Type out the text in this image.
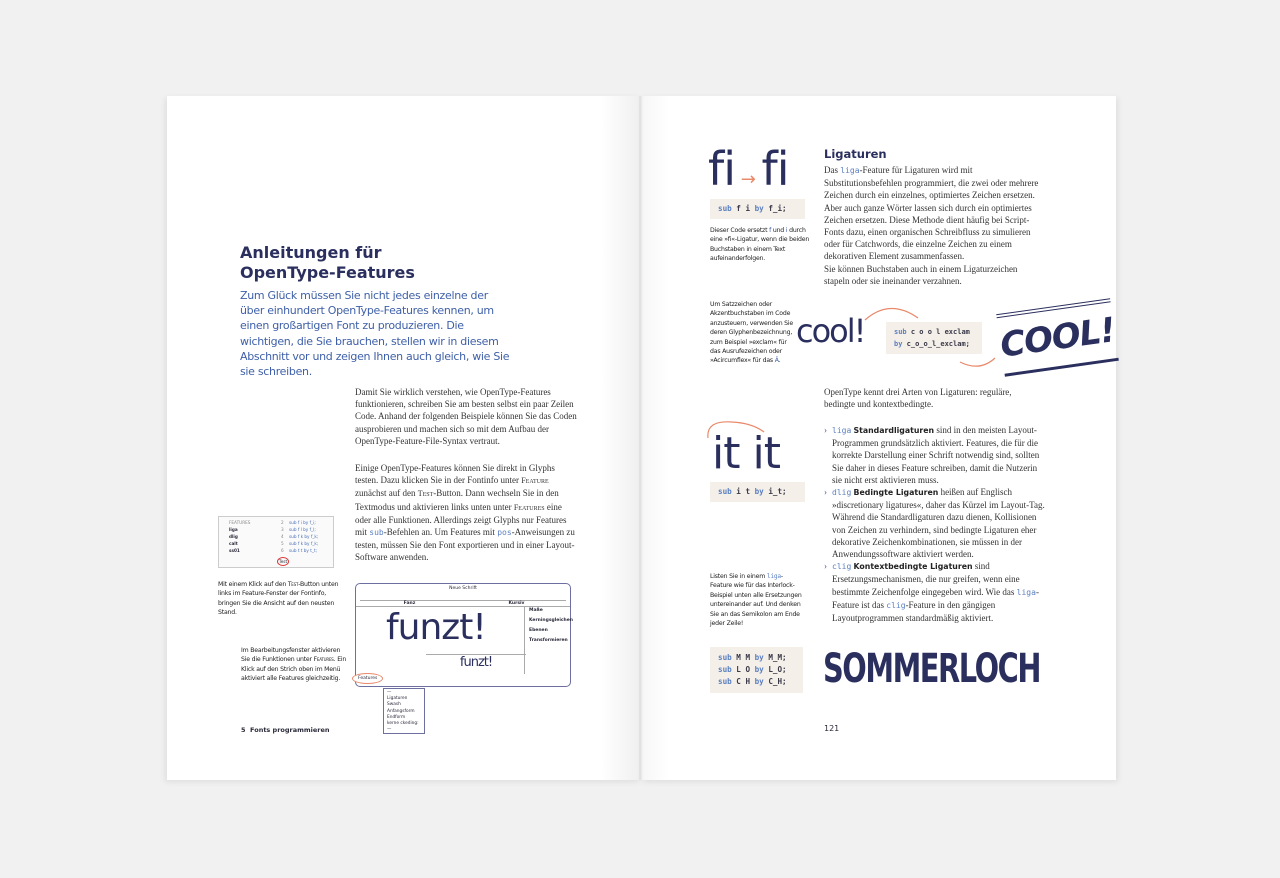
Anleitungen für
OpenType-Features
Zum Glück müssen Sie nicht jedes einzelne der über einhundert OpenType-Features kennen, um einen großartigen Font zu produzieren. Die wichtigen, die Sie brauchen, stellen wir in diesem Abschnitt vor und zeigen Ihnen auch gleich, wie Sie sie schreiben.
Damit Sie wirklich verstehen, wie OpenType-Features funktionieren, schreiben Sie am besten selbst ein paar Zeilen Code. Anhand der folgenden Beispiele können Sie das Coden ausprobieren und machen sich so mit dem Aufbau der OpenType-Feature-File-Syntax vertraut.
Einige OpenType-Features können Sie direkt in Glyphs testen. Dazu klicken Sie in der Fontinfo unter Feature zunächst auf den Test-Button. Dann wechseln Sie in den Textmodus und aktivieren links unten unter Features eine oder alle Funktionen. Allerdings zeigt Glyphs nur Features mit sub-Befehlen an. Um Features mit pos-Anweisungen zu testen, müssen Sie den Font exportieren und in einer Layout-Software anwenden.
FEATURES
liga
dlig
calt
ss01
2
3
4
5
6
sub f i by f_i;
sub f l by f_l;
sub f k by f_k;
sub f k by f_k;
sub t t by t_t;
Test
Mit einem Klick auf den Test-Button unten links im Feature-Fenster der Fontinfo, bringen Sie die Ansicht auf den neusten Stand.
Im Bearbeitungsfenster aktivieren Sie die Funktionen unter Features. Ein Klick auf den Strich oben im Menü aktiviert alle Features gleichzeitig.
Neue Schrift
Fanz	Kursiv
funzt!
funzt!
Maße
Kerningsgleichen
Ebenen
Transformieren
Features
—
Ligaturen
Swash
Anfangsform
Endform
kerne ckeding:
—
5  Fonts programmieren
fi → fi
sub f i by f_i;
Dieser Code ersetzt f und i durch eine »fi«-Ligatur, wenn die beiden Buchstaben in einem Text aufeinanderfolgen.
Ligaturen
Das liga-Feature für Ligaturen wird mit Substitutionsbefehlen programmiert, die zwei oder mehrere Zeichen durch ein einzelnes, optimiertes Zeichen ersetzen. Aber auch ganze Wörter lassen sich durch ein optimiertes Zeichen ersetzen. Diese Methode dient häufig bei Script-Fonts dazu, einen organischen Schreibfluss zu simulieren oder für Catchwords, die einzelne Zeichen zu einem dekorativen Element zusammenfassen.
Sie können Buchstaben auch in einem Ligaturzeichen stapeln oder sie ineinander verzahnen.
Um Satzzeichen oder Akzentbuchstaben im Code anzusteuern, verwenden Sie deren Glyphenbezeichnung, zum Beispiel »exclam« für das Ausrufezeichen oder »Acircumflex« für das Â.
cool!	sub c o o l exclam
by c_o_o_l_exclam; COOL!
OpenType kennt drei Arten von Ligaturen: reguläre, bedingte und kontextbedingte.
it it
sub i t by i_t;
› liga Standardligaturen sind in den meisten Layout-Programmen grundsätzlich aktiviert. Features, die für die korrekte Darstellung einer Schrift notwendig sind, sollten Sie daher in dieses Feature schreiben, damit die Nutzerin sie nicht erst aktivieren muss.
› dlig Bedingte Ligaturen heißen auf Englisch »discretionary ligatures«, daher das Kürzel im Layout-Tag. Während die Standardligaturen dazu dienen, Kollisionen von Zeichen zu verhindern, sind bedingte Ligaturen eher dekorative Zeichenkombinationen, sie müssen in der Anwendungssoftware aktiviert werden.
› clig Kontextbedingte Ligaturen sind Ersetzungsmechanismen, die nur greifen, wenn eine bestimmte Zeichenfolge eingegeben wird. Wie das liga-Feature ist das clig-Feature in den gängigen Layoutprogrammen standardmäßig aktiviert.
Listen Sie in einem liga-Feature wie für das Interlock-Beispiel unten alle Ersetzungen untereinander auf. Und denken Sie an das Semikolon am Ende jeder Zeile!
sub M M by M_M;
sub L O by L_O;
sub C H by C_H; SOMMERLOCH
121
